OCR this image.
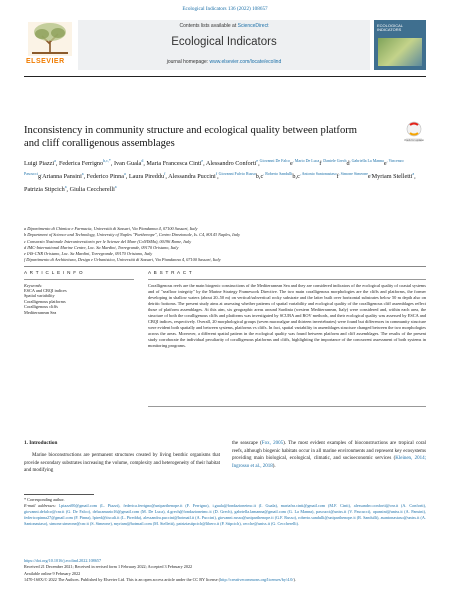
Ecological Indicators 136 (2022) 108657
ELSEVIER
Contents lists available at ScienceDirect
Ecological Indicators
journal homepage: www.elsevier.com/locate/ecolind
ECOLOGICAL INDICATORS
Inconsistency in community structure and ecological quality between platform and cliff coralligenous assemblages	Check for updates
Luigi Piazzi$^a$, Federica Ferrigno$^{b,c,*}$, Ivan Guala$^d$, Maria Francesca Cinti$^e$, Alessandro $Conforti^e,^{Giovanni De Falco}e^{, Mario De Luca}f^{, Daniele Grech}d^{, Gabriella La Manna}e^{, Vincenzo Pascucci}g^,Arianna$ Pansini$^a$, Federico Pinna$^a$, Laura Pireddu$^f$, Alessandra $Puccini^f,^{Giovanni Fulvio Russo}b,c^{, Roberto Sandulli}b,c^{, Antonio Santonastaso}f^{, Simone Simeone}e^,Myriam$ Stelletti$^a$, Patrizia Stipcich$^a$, Giulia Ceccherelli$^a$
a Dipartimento di Chimica e Farmacia, Università di Sassari, Via Piandanna 4, 07100 Sassari, Italy
b Department of Science and Technology, University of Naples "Parthenope", Centro Direzionale, Is. C4, 80143 Naples, Italy
c Consorzio Nazionale Interuniversitario per le Scienze del Mare (CoNISMa), 00196 Rome, Italy
d IMC-International Marine Centre, Loc. Sa Mardini, Torregrande, 09170 Oristano, Italy
e IAS-CNR Oristano, Loc. Sa Mardini, Torregrande, 09170 Oristano, Italy
f Dipartimento di Architettura, Design e Urbanistica, Università di Sassari, Via Piandanna 4, 07100 Sassari, Italy
A R T I C L E I N F O
Keywords:
ESCA and CBQI indices
Spatial variability
Coralligenous platforms
Coralligenous cliffs
Mediterranean Sea
A B S T R A C T
Coralligenous reefs are the main biogenic constructions of the Mediterranean Sea and they are considered indicators of the ecological quality of coastal systems and of "seafloor integrity" by the Marine Strategy Framework Directive. The two main coralligenous morphologies are the cliffs and platforms, the former developing in shallow waters (about 20–50 m) on vertical/subvertical rocky substrate and the latter built over horizontal substrates below 50 m depth also on detritic bottoms. The present study aims at assessing whether patterns of spatial variability and ecological quality of the coralligenous cliff assemblages reflect those of platform assemblages. At this aim, six geographic areas around Sardinia (western Mediterranean, Italy) were considered and, within each area, the structure of both the coralligenous cliffs and platforms was investigated by SCUBA and ROV methods, and their ecological quality was assessed by ESCA and CBQI indices, respectively. Overall, 20 morphological groups (seven macroalgae and thirteen invertebrates) were found but differences in community structure were evident both spatially and between systems, platforms vs cliffs. In fact, spatial variability in assemblages structure changed between the two morphologies across the areas. Moreover, a different spatial pattern in the ecological quality was found between platform and cliff assemblages. The results of the present study corroborate the individual peculiarity of coralligenous platforms and cliffs, highlighting the importance of the concurrent assessment of both systems in monitoring programs.
1. Introduction
Marine bioconstructions are permanent structures created by living benthic organisms that provide secondary substrates increasing the volume, complexity and heterogeneity of their habitat and modifying
the seascape (Fox, 2005). The most evident examples of bioconstructions are tropical coral reefs, although biogenic habitats occur in all marine environments and represent key ecosystems providing main biological, ecological, climatic, and socioeconomic services (Kleinen, 2014; Ingrosso et al., 2018).
* Corresponding author.
E-mail addresses: l.piazzi00@gmail.com (L. Piazzi), federica.ferrigno@uniparthenope.it (F. Ferrigno), i.guala@fondazioneimc.it (I. Guala), mariafra.cinti@gmail.com (M.F. Cinti), alessandro.conforti@cnr.it (A. Conforti), giovanni.defalco@cnr.it (G. De Falco), delucamario16@gmail.com (M. De Luca), d.grech@fondazioneimc.it (D. Grech), gabriella.lamanna@gmail.com (G. La Manna), pascucci@uniss.it (V. Pascucci), apansini@uniss.it (A. Pansini), federicopinna27@gmail.com (F. Pinna), lpired@tiscali.it (L. Pireddu), alessandra.puccini@hotmail.it (A. Puccini), giovanni.russo@uniparthenope.it (G.F. Russo), roberto.sandulli@uniparthenope.it (R. Sandulli), asantonastaso@uniss.it (A. Santonastaso), simone.simeone@cnr.it (S. Simeone), myriam@hotmail.com (M. Stelletti), patriziastipcich@libero.it (P. Stipcich), cecche@uniss.it (G. Ceccherelli).
https://doi.org/10.1016/j.ecolind.2022.108657
Received 21 December 2021; Received in revised form 1 February 2022; Accepted 3 February 2022
Available online 9 February 2022
1470-160X/© 2022 The Authors. Published by Elsevier Ltd. This is an open access article under the CC BY license (http://creativecommons.org/licenses/by/4.0/).
